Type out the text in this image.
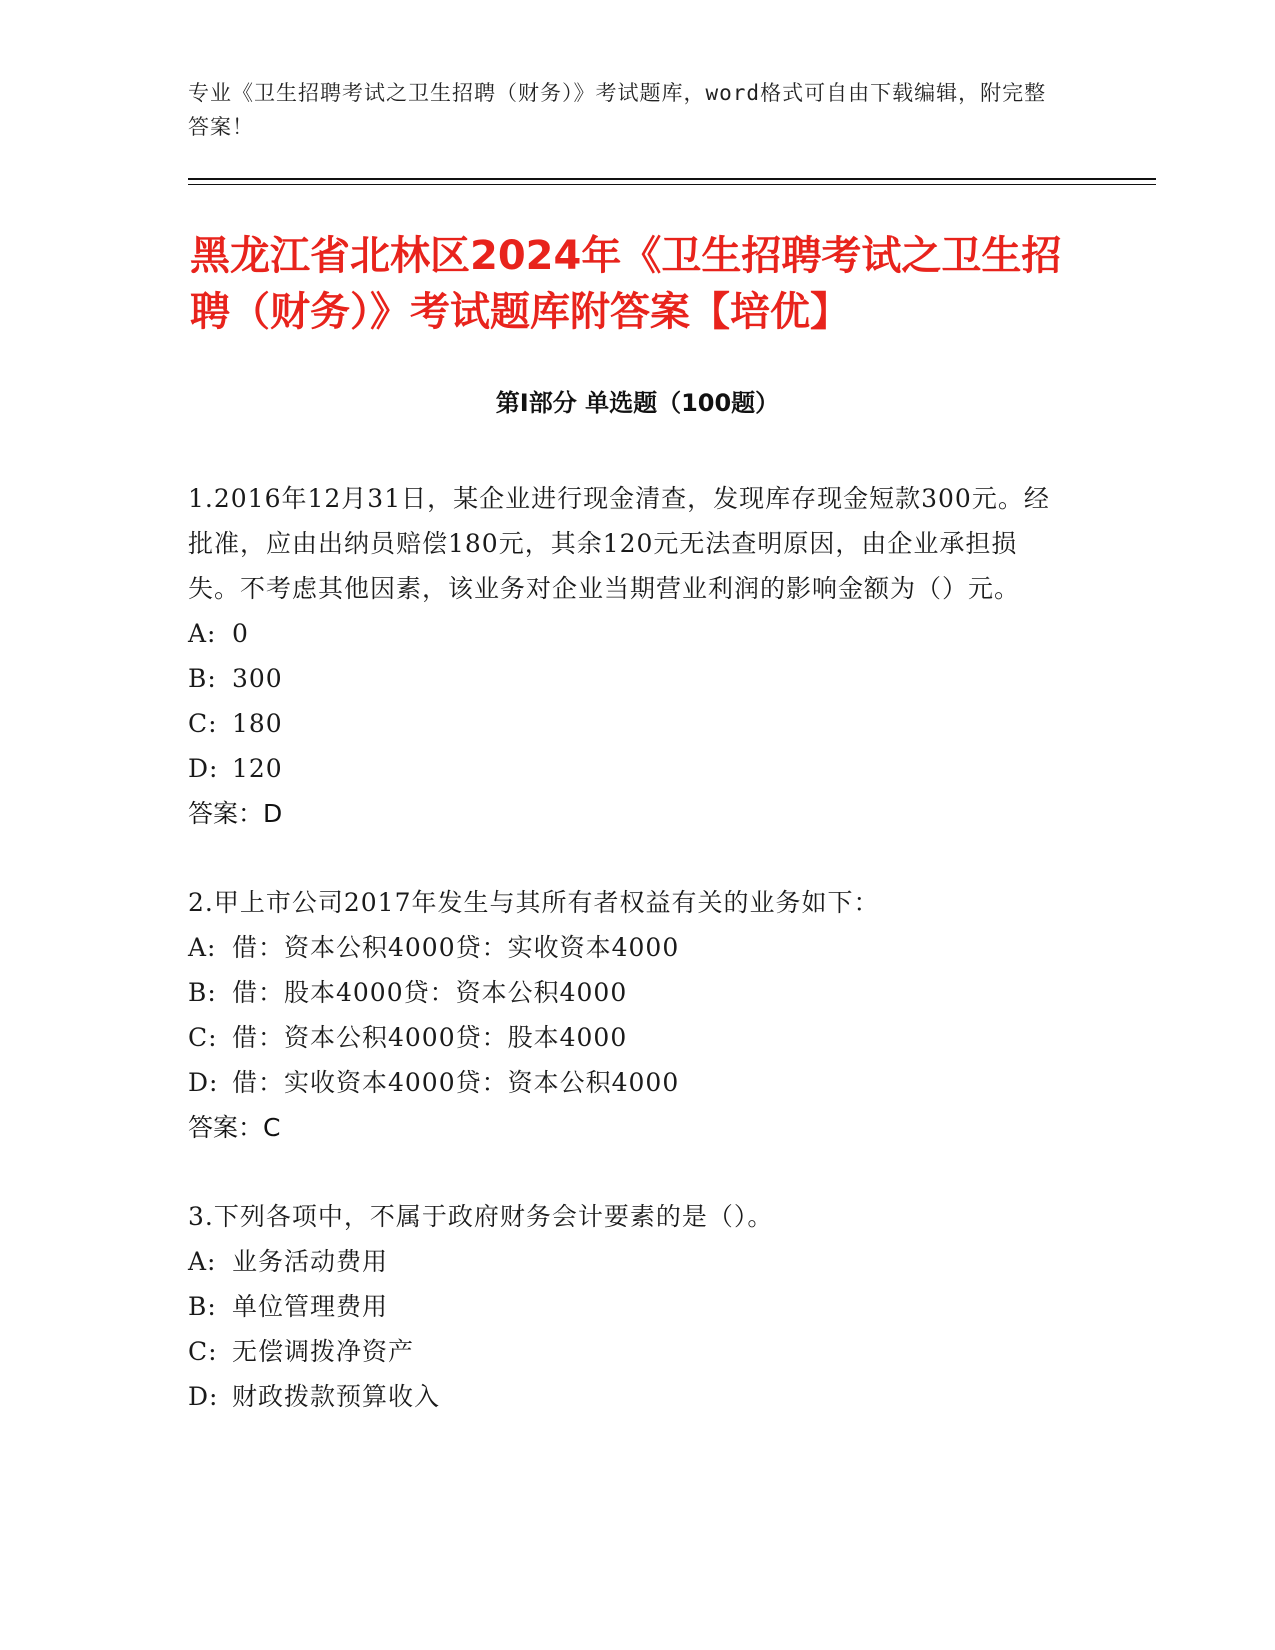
专业《卫生招聘考试之卫生招聘（财务）》考试题库，word格式可自由下载编辑，附完整答案！
黑龙江省北林区2024年《卫生招聘考试之卫生招聘（财务）》考试题库附答案【培优】
第Ⅰ部分 单选题（100题）
1.2016年12月31日，某企业进行现金清查，发现库存现金短款300元。经批准，应由出纳员赔偿180元，其余120元无法查明原因，由企业承担损失。不考虑其他因素，该业务对企业当期营业利润的影响金额为（）元。
A: 0
B: 300
C: 180
D: 120
答案：D
2.甲上市公司2017年发生与其所有者权益有关的业务如下：
A: 借：资本公积4000贷：实收资本4000
B: 借：股本4000贷：资本公积4000
C: 借：资本公积4000贷：股本4000
D: 借：实收资本4000贷：资本公积4000
答案：C
3.下列各项中，不属于政府财务会计要素的是（）。
A: 业务活动费用
B: 单位管理费用
C: 无偿调拨净资产
D: 财政拨款预算收入
